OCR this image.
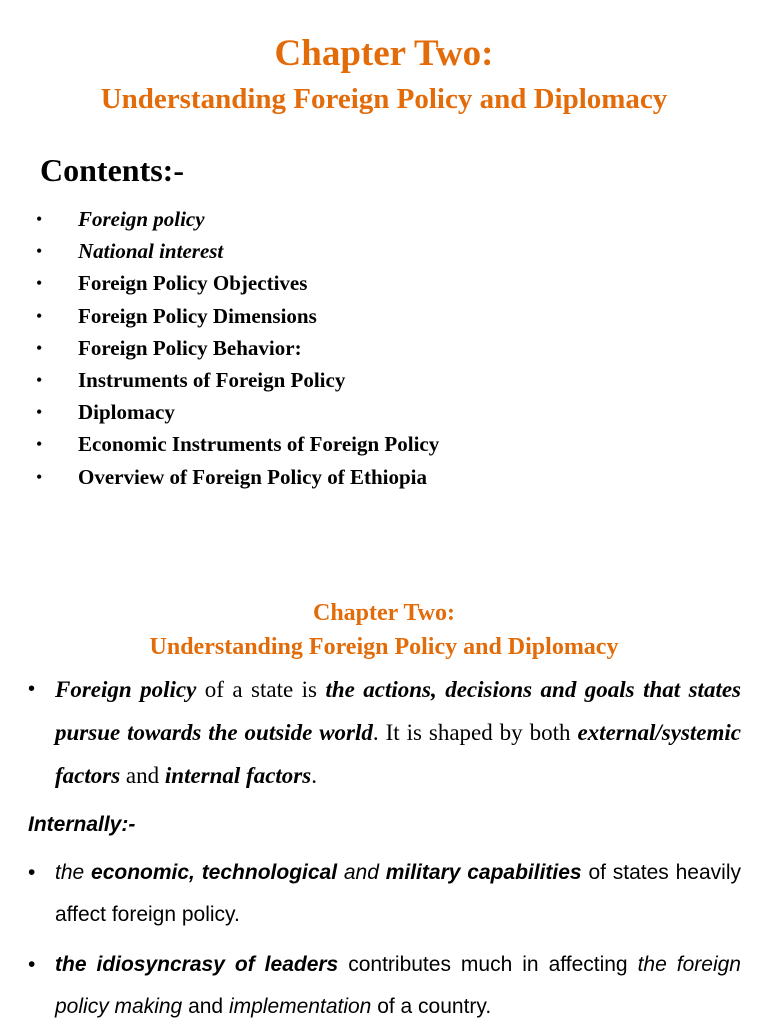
Chapter Two:
Understanding Foreign Policy and Diplomacy
Contents:-
• Foreign policy
• National interest
• Foreign Policy Objectives
• Foreign Policy Dimensions
• Foreign Policy Behavior:
• Instruments of Foreign Policy
• Diplomacy
• Economic Instruments of Foreign Policy
• Overview of Foreign Policy of Ethiopia
Chapter Two:
Understanding Foreign Policy and Diplomacy
• Foreign policy of a state is the actions, decisions and goals that states pursue towards the outside world. It is shaped by both external/systemic factors and internal factors.
Internally:-
• the economic, technological and military capabilities of states heavily affect foreign policy.
• the idiosyncrasy of leaders contributes much in affecting the foreign policy making and implementation of a country.
